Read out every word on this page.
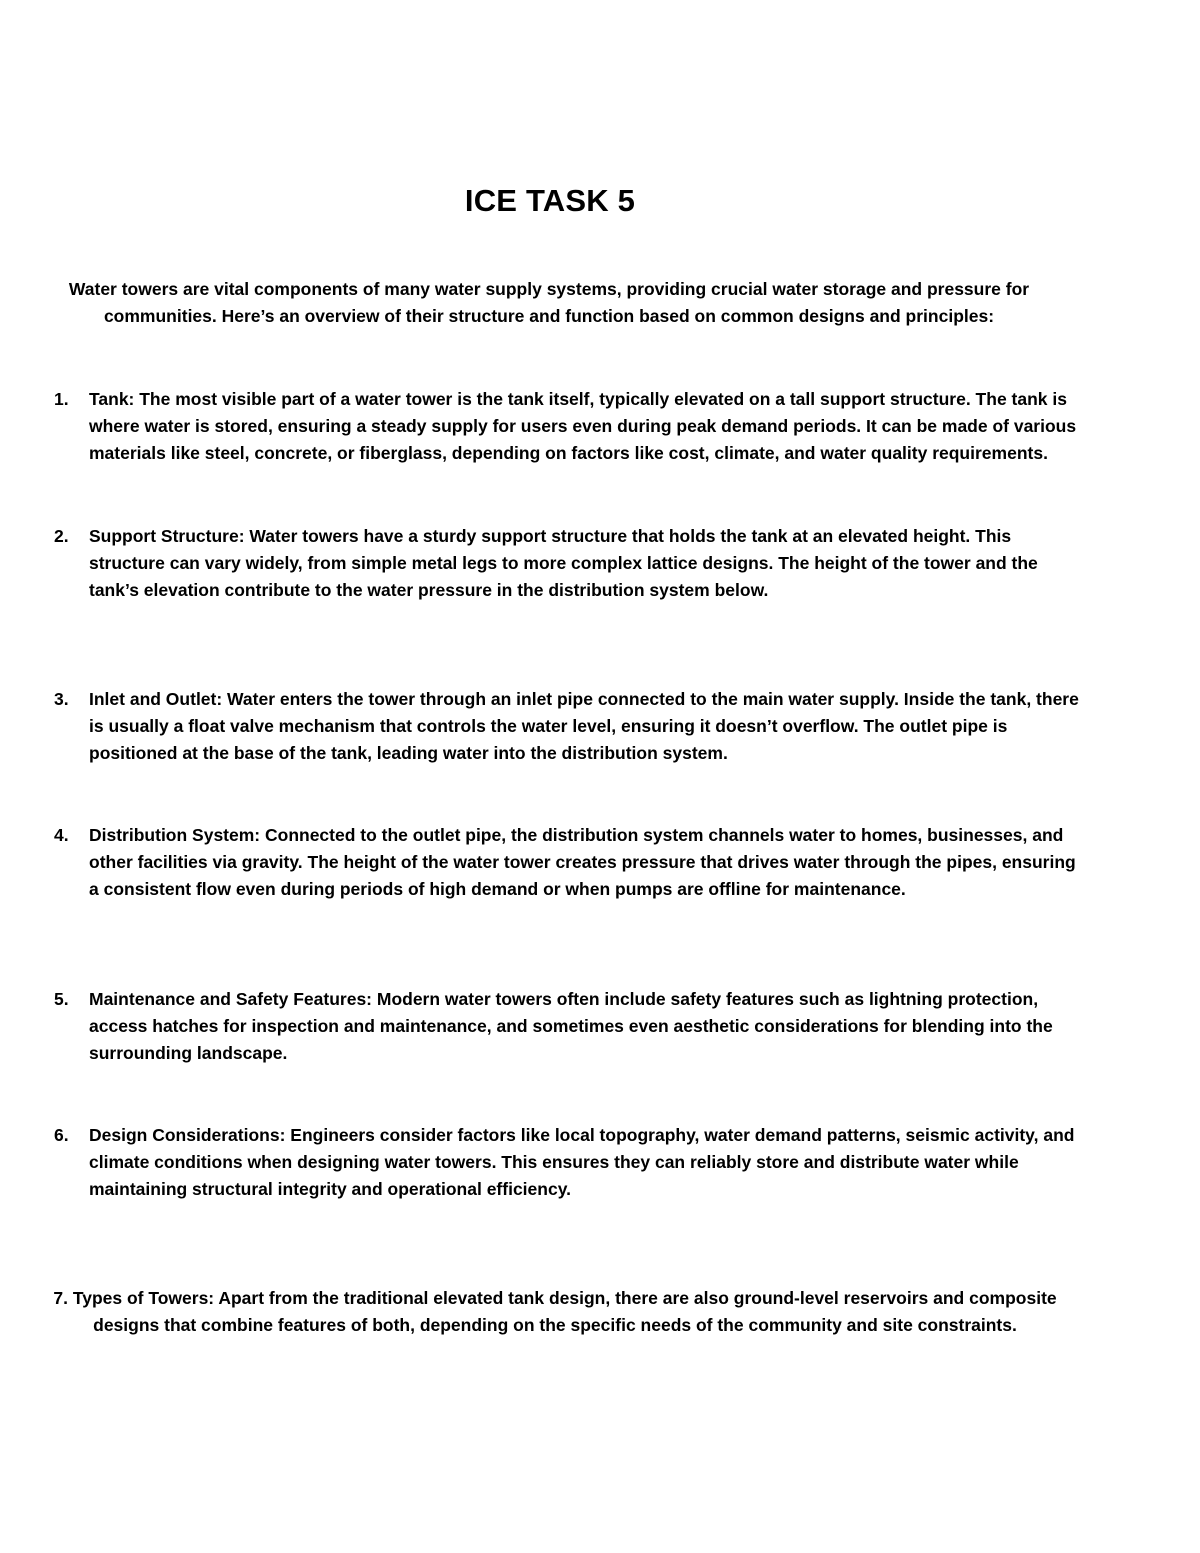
ICE TASK 5
Water towers are vital components of many water supply systems, providing crucial water storage and pressure for communities. Here’s an overview of their structure and function based on common designs and principles:
1.	Tank: The most visible part of a water tower is the tank itself, typically elevated on a tall support structure. The tank is where water is stored, ensuring a steady supply for users even during peak demand periods. It can be made of various materials like steel, concrete, or fiberglass, depending on factors like cost, climate, and water quality requirements.
2.	Support Structure: Water towers have a sturdy support structure that holds the tank at an elevated height. This structure can vary widely, from simple metal legs to more complex lattice designs. The height of the tower and the tank’s elevation contribute to the water pressure in the distribution system below.
3.	Inlet and Outlet: Water enters the tower through an inlet pipe connected to the main water supply. Inside the tank, there is usually a float valve mechanism that controls the water level, ensuring it doesn’t overflow. The outlet pipe is positioned at the base of the tank, leading water into the distribution system.
4.	Distribution System: Connected to the outlet pipe, the distribution system channels water to homes, businesses, and other facilities via gravity. The height of the water tower creates pressure that drives water through the pipes, ensuring a consistent flow even during periods of high demand or when pumps are offline for maintenance.
5.	Maintenance and Safety Features: Modern water towers often include safety features such as lightning protection, access hatches for inspection and maintenance, and sometimes even aesthetic considerations for blending into the surrounding landscape.
6.	Design Considerations: Engineers consider factors like local topography, water demand patterns, seismic activity, and climate conditions when designing water towers. This ensures they can reliably store and distribute water while maintaining structural integrity and operational efficiency.
7. Types of Towers: Apart from the traditional elevated tank design, there are also ground-level reservoirs and composite designs that combine features of both, depending on the specific needs of the community and site constraints.
